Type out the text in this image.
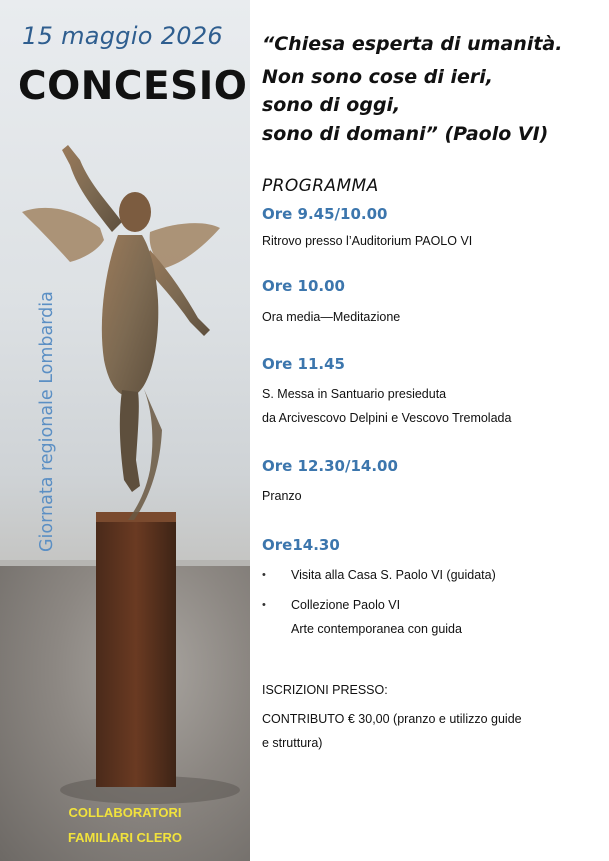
15 maggio 2026
CONCESIO
Giornata regionale Lombardia
COLLABORATORI
FAMILIARI CLERO
“Chiesa esperta di umanità.
Non sono cose di ieri,
sono di oggi,
sono di domani” (Paolo VI)
PROGRAMMA
Ore 9.45/10.00
Ritrovo presso l’Auditorium PAOLO VI
Ore 10.00
Ora media—Meditazione
Ore 11.45
S. Messa in Santuario presieduta
da Arcivescovo Delpini e Vescovo Tremolada
Ore 12.30/14.00
Pranzo
Ore14.30
• Visita alla Casa S. Paolo VI (guidata)
• Collezione Paolo VI
Arte contemporanea con guida
ISCRIZIONI PRESSO:
CONTRIBUTO € 30,00 (pranzo e utilizzo guide
e struttura)
